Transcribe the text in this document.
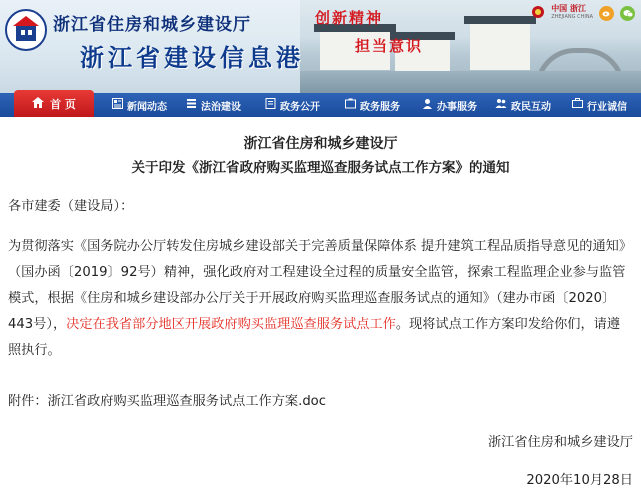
浙江省住房和城乡建设厅
浙江省建设信息港
创新精神
担当意识
中国 浙江
ZHEJIANG CHINA
首 页	新闻动态	法治建设	政务公开	政务服务	办事服务	政民互动	行业诚信
浙江省住房和城乡建设厅
关于印发《浙江省政府购买监理巡查服务试点工作方案》的通知
各市建委（建设局）：
为贯彻落实《国务院办公厅转发住房城乡建设部关于完善质量保障体系 提升建筑工程品质指导意见的通知》（国办函〔2019〕92号）精神，强化政府对工程建设全过程的质量安全监管，探索工程监理企业参与监管模式，根据《住房和城乡建设部办公厅关于开展政府购买监理巡查服务试点的通知》（建办市函〔2020〕443号），决定在我省部分地区开展政府购买监理巡查服务试点工作。现将试点工作方案印发给你们，请遵照执行。
附件：浙江省政府购买监理巡查服务试点工作方案.doc
浙江省住房和城乡建设厅
2020年10月28日
